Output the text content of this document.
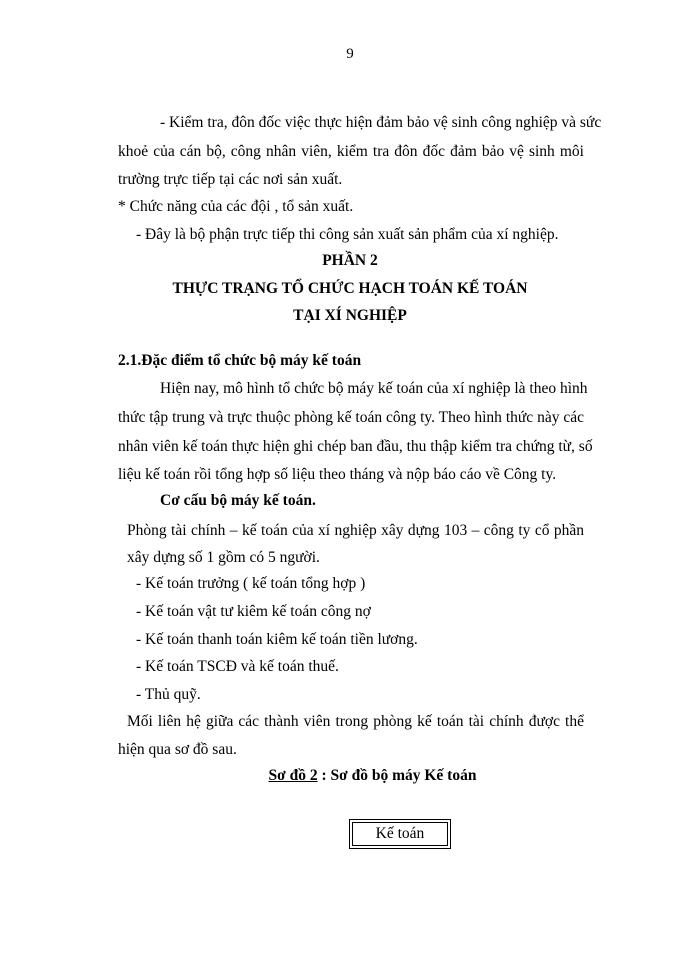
9
- Kiểm tra, đôn đốc việc thực hiện đảm bảo vệ sinh công nghiệp và sức
khoẻ của cán bộ, công nhân viên, kiểm tra đôn đốc đảm bảo vệ sinh môi
trường trực tiếp tại các nơi sản xuất.
* Chức năng của các đội , tổ sản xuất.
- Đây là bộ phận trực tiếp thi công sản xuất sản phẩm của xí nghiệp.
PHẦN 2
THỰC TRẠNG TỔ CHỨC HẠCH TOÁN KẾ TOÁN
TẠI XÍ NGHIỆP
2.1.Đặc điểm tổ chức bộ máy kế toán
Hiện nay, mô hình tổ chức bộ máy kế toán của xí nghiệp là theo hình
thức tập trung và trực thuộc phòng kế toán công ty. Theo hình thức này các
nhân viên kế toán thực hiện ghi chép ban đầu, thu thập kiểm tra chứng từ, số
liệu kế toán rồi tổng hợp số liệu theo tháng và nộp báo cáo về Công ty.
Cơ cấu bộ máy kế toán.
Phòng tài chính – kế toán của xí nghiệp xây dựng 103 – công ty cổ phần
xây dựng số 1 gồm có 5 người.
- Kế toán trưởng ( kế toán tổng hợp )
- Kế toán vật tư kiêm kế toán công nợ
- Kế toán thanh toán kiêm kế toán tiền lương.
- Kế toán TSCĐ và kế toán thuế.
- Thủ quỹ.
Mối liên hệ giữa các thành viên trong phòng kế toán tài chính được thể
hiện qua sơ đồ sau.
Sơ đồ 2 : Sơ đồ bộ máy Kế toán
Kế toán
